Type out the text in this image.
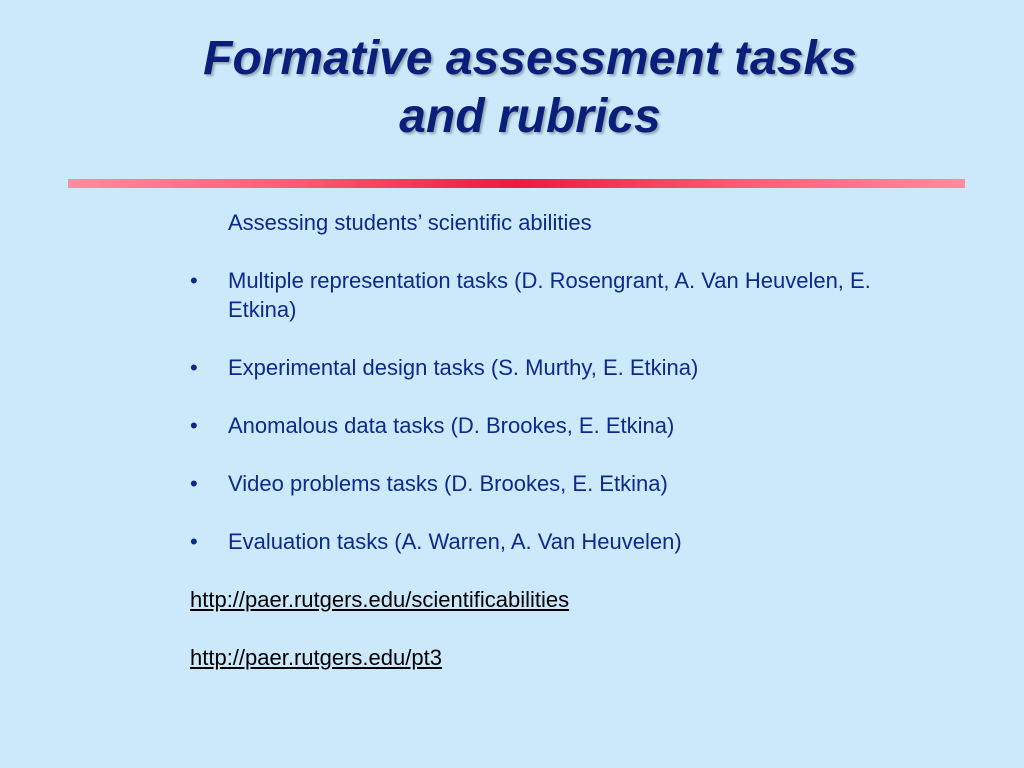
Formative assessment tasks
and rubrics
Assessing students’ scientific abilities
• Multiple representation tasks (D. Rosengrant, A. Van Heuvelen, E. Etkina)
• Experimental design tasks (S. Murthy, E. Etkina)
• Anomalous data tasks (D. Brookes, E. Etkina)
• Video problems tasks (D. Brookes, E. Etkina)
• Evaluation tasks (A. Warren, A. Van Heuvelen)
http://paer.rutgers.edu/scientificabilities
http://paer.rutgers.edu/pt3
